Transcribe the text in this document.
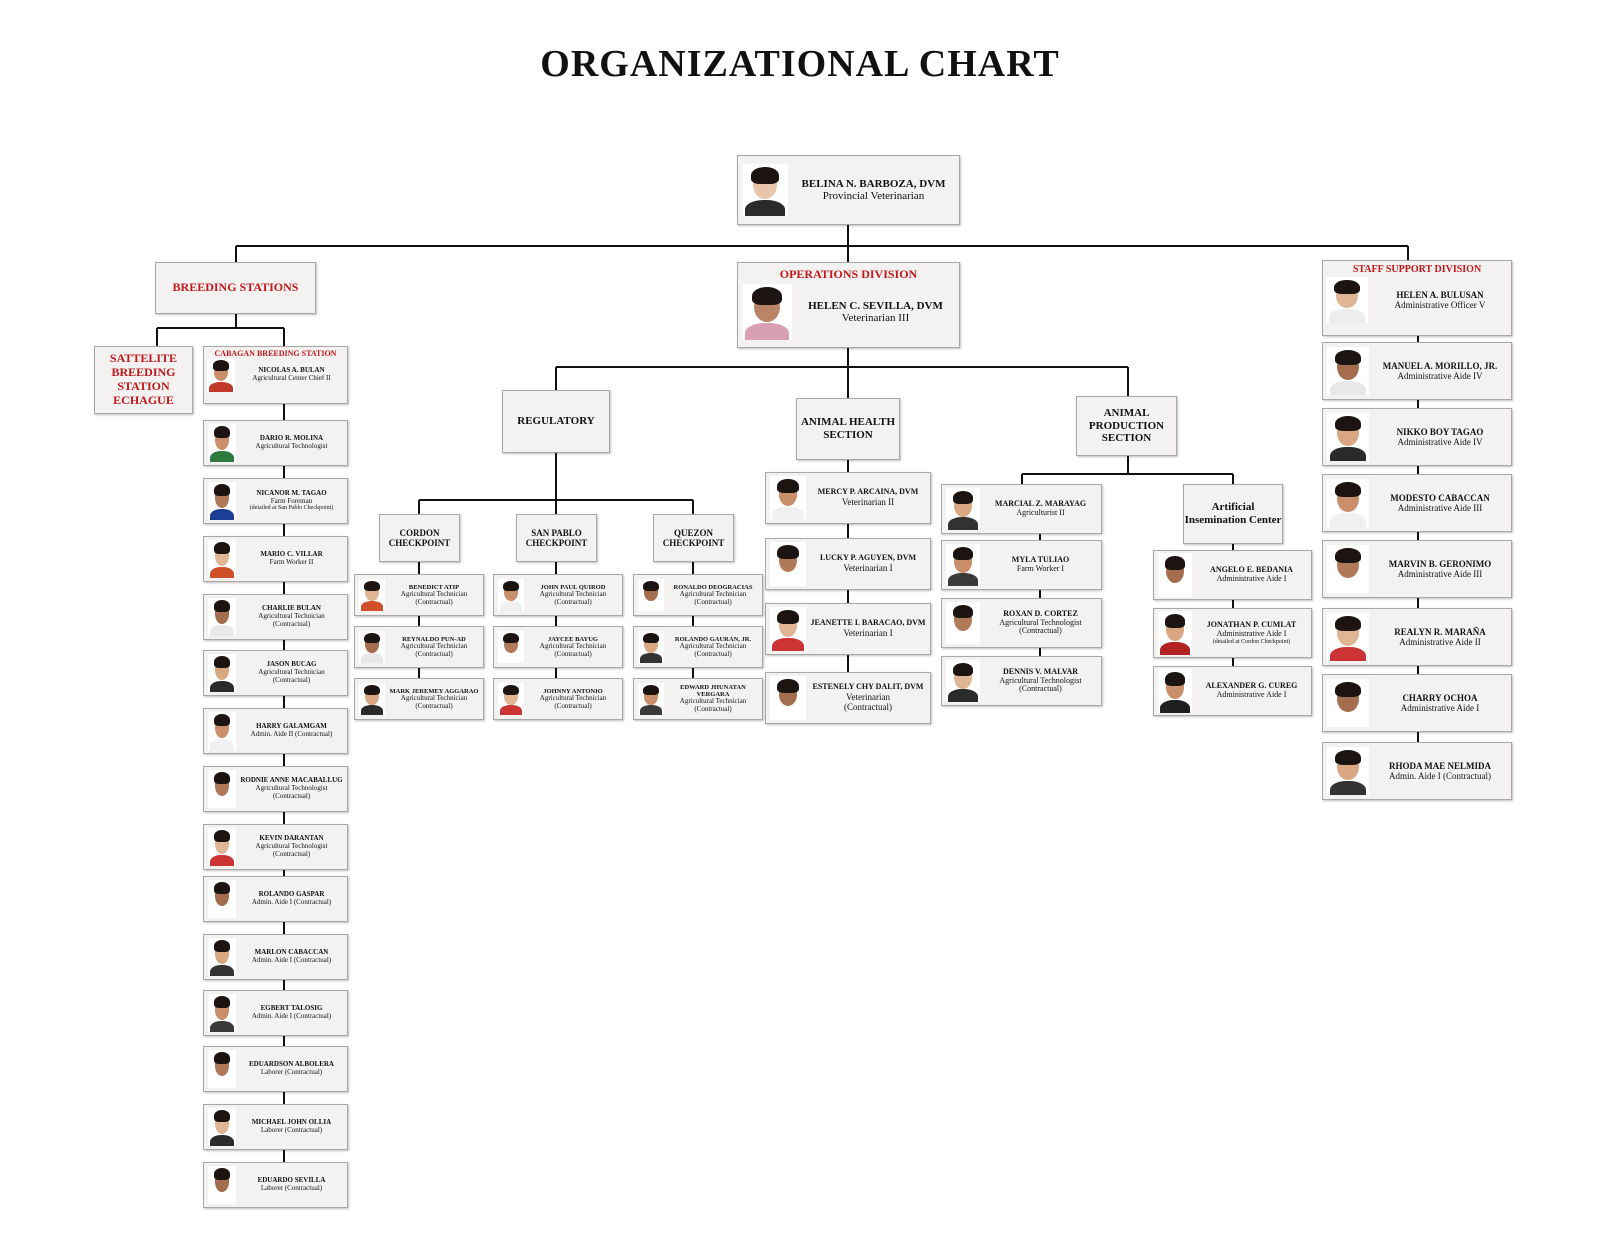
ORGANIZATIONAL CHART
BELINA N. BARBOZA, DVM
Provincial Veterinarian
BREEDING STATIONS
SATTELITE BREEDING STATION ECHAGUE
CABAGAN BREEDING STATION
NICOLAS A. BULAN
Agricultural Center Chief II
DARIO R. MOLINA
Agricultural Technologist
NICANOR M. TAGAO
Farm Foreman
(detailed at San Pablo Checkpoint)
MARIO C. VILLAR
Farm Worker II
CHARLIE BULAN
Agricultural Technician
(Contractual)
JASON BUCAG
Agricultural Technician
(Contractual)
HARRY GALAMGAM
Admin. Aide II (Contractual)
RODNIE ANNE MACABALLUG
Agricultural Technologist
(Contractual)
KEVIN DARANTAN
Agricultural Technologist
(Contractual)
ROLANDO GASPAR
Admin. Aide I (Contractual)
MARLON CABACCAN
Admin. Aide I (Contractual)
EGBERT TALOSIG
Admin. Aide I (Contractual)
EDUARDSON ALBOLERA
Laborer (Contractual)
MICHAEL JOHN OLLIA
Laborer (Contractual)
EDUARDO SEVILLA
Laborer (Contractual)
OPERATIONS DIVISION
HELEN C. SEVILLA, DVM
Veterinarian III
REGULATORY	ANIMAL HEALTH SECTION
ANIMAL PRODUCTION SECTION
Artificial Insemination Center
CORDON CHECKPOINT
SAN PABLO CHECKPOINT
QUEZON CHECKPOINT
BENEDICT ATIP
Agricultural Technician
(Contractual)
REYNALDO PUN-AD
Agricultural Technician
(Contractual)
MARK JEREMEY AGGARAO
Agricultural Technician
(Contractual)
JOHN PAUL QUIROD
Agricultural Technician
(Contractual)
JAYCEE BAYUG
Agricultural Technician
(Contractual)
JOHNNY ANTONIO
Agricultural Technician
(Contractual)
RONALDO DEOGRACIAS
Agricultural Technician
(Contractual)
ROLANDO GAURAN, JR.
Agricultural Technician
(Contractual)
EDWARD JHUNATAN VERGARA
Agricultural Technician
(Contractual)
MERCY P. ARCAINA, DVM
Veterinarian II
LUCKY P. AGUYEN, DVM
Veterinarian I
JEANETTE I. BARACAO, DVM
Veterinarian I
ESTENELY CHY DALIT, DVM
Veterinarian
(Contractual)
MARCIAL Z. MARAYAG
Agriculturist II
MYLA TULIAO
Farm Worker I
ROXAN D. CORTEZ
Agricultural Technologist
(Contractual)
DENNIS V. MALVAR
Agricultural Technologist
(Contractual)
ANGELO E. BEDANIA
Administrative Aide I
JONATHAN P. CUMLAT
Administrative Aide I
(detailed at Cordon Checkpoint)
ALEXANDER G. CUREG
Administrative Aide I
MANUEL A. MORILLO, JR.
Administrative Aide IV
NIKKO BOY TAGAO
Administrative Aide IV
MODESTO CABACCAN
Administrative Aide III
MARVIN B. GERONIMO
Administrative Aide III
REALYN R. MARAÑA
Administrative Aide II
CHARRY OCHOA
Administrative Aide I
RHODA MAE NELMIDA
Admin. Aide I (Contractual)
STAFF SUPPORT DIVISION
HELEN A. BULUSAN
Administrative Officer V
